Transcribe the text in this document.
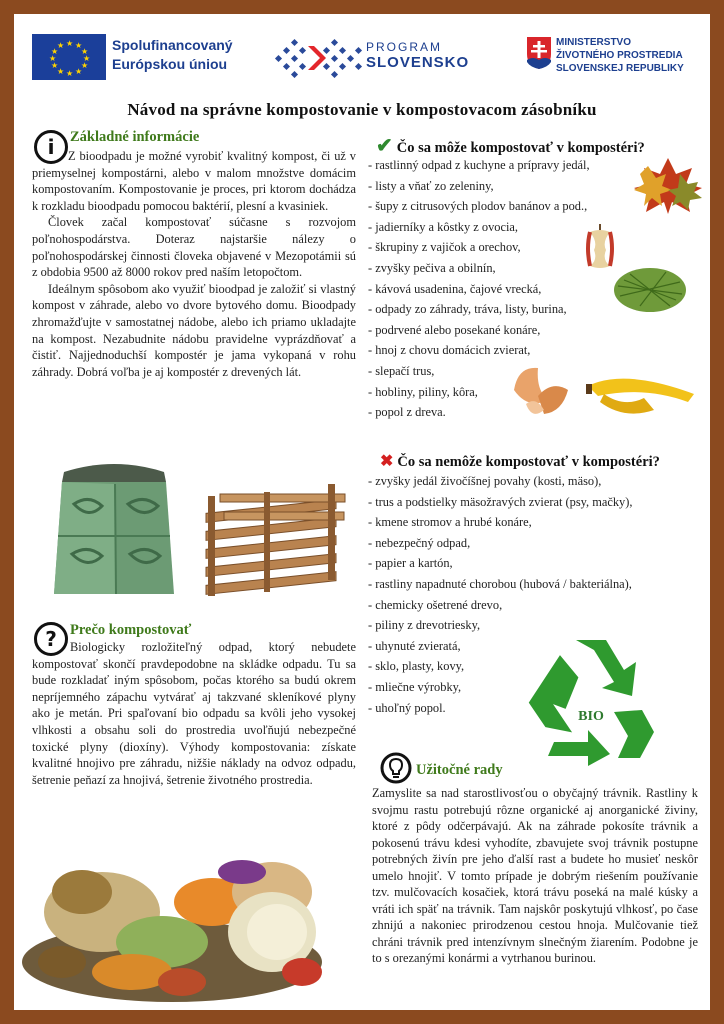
★ ★
★
★
★
★
★
★
★
★
★
★	Spolufinancovaný
Európskou úniou
PROGRAM
SLOVENSKO
MINISTERSTVO
ŽIVOTNÉHO PROSTREDIA
SLOVENSKEJ REPUBLIKY
Návod na správne kompostovanie v kompostovacom zásobníku
i	Základné informácie

Z bioodpadu je možné vyrobiť kvalitný kompost, či už v priemyselnej kompostárni, alebo v malom množstve domácim kompostovaním. Kompostovanie je proces, pri ktorom dochádza k rozkladu bioodpadu pomocou baktérií, plesní a kvasiniek.

Človek začal kompostovať súčasne s rozvojom poľnohospodárstva. Doteraz najstaršie nálezy o poľnohospodárskej činnosti človeka objavené v Mezopotámii sú z obdobia 9500 až 8000 rokov pred naším letopočtom.

Ideálnym spôsobom ako využiť bioodpad je založiť si vlastný kompost v záhrade, alebo vo dvore bytového domu. Bioodpady zhromažďujte v samostatnej nádobe, alebo ich priamo ukladajte na kompost. Nezabudnite nádobu pravidelne vyprázdňovať a čistiť. Najjednoduchší kompostér je jama vykopaná v rohu záhrady. Dobrá voľba je aj kompostér z drevených lát.

? Prečo kompostovať

Biologicky rozložiteľný odpad, ktorý nebudete kompostovať skončí pravdepodobne na skládke odpadu. Tu sa bude rozkladať iným spôsobom, počas ktorého sa budú okrem nepríjemného zápachu vytvárať aj takzvané skleníkové plyny ako je metán. Pri spaľovaní bio odpadu sa kvôli jeho vysokej vlhkosti a obsahu soli do prostredia uvoľňujú nebezpečné toxické plyny (dioxíny). Výhody kompostovania: získate kvalitné hnojivo pre záhradu, nižšie náklady na odvoz odpadu, šetrenie peňazí za hnojivá, šetrenie životného prostredia.

✔ Čo sa môže kompostovať v kompostéri?
- rastlinný odpad z kuchyne a prípravy jedál,
- listy a vňať zo zeleniny,
- šupy z citrusových plodov banánov a pod.,
- jadierníky a kôstky z ovocia,
- škrupiny z vajičok a orechov,
- zvyšky pečiva a obilnín,
- kávová usadenina, čajové vrecká,
- odpady zo záhrady, tráva, listy, burina,
- podrvené alebo posekané konáre,
- hnoj z chovu domácich zvierat,
- slepačí trus,
- hobliny, piliny, kôra,
- popol z dreva.
✖ Čo sa nemôže kompostovať v kompostéri?
- zvyšky jedál živočíšnej povahy (kosti, mäso),
- trus a podstielky mäsožravých zvierat (psy, mačky),
- kmene stromov a hrubé konáre,
- nebezpečný odpad,
- papier a kartón,
- rastliny napadnuté chorobou (hubová / bakteriálna),
- chemicky ošetrené drevo,
- piliny z drevotriesky,
- uhynuté zvieratá,
- sklo, plasty, kovy,
- mliečne výrobky,
- uhoľný popol.
BIO
Užitočné rady
Zamyslite sa nad starostlivosťou o obyčajný trávnik. Rastliny k svojmu rastu potrebujú rôzne organické aj anorganické živiny, ktoré z pôdy odčerpávajú. Ak na záhrade pokosíte trávnik a pokosenú trávu kdesi vyhodíte, zbavujete svoj trávnik postupne potrebných živín pre jeho ďalší rast a budete ho musieť neskôr umelo hnojiť. V tomto prípade je dobrým riešením používanie tzv. mulčovacích kosačiek, ktorá trávu poseká na malé kúsky a vráti ich späť na trávnik. Tam najskôr poskytujú vlhkosť, po čase zhnijú a nakoniec prirodzenou cestou hnoja. Mulčovanie tiež chráni trávnik pred intenzívnym slnečným žiarením. Podobne je to s orezanými konármi a vytrhanou burinou.
